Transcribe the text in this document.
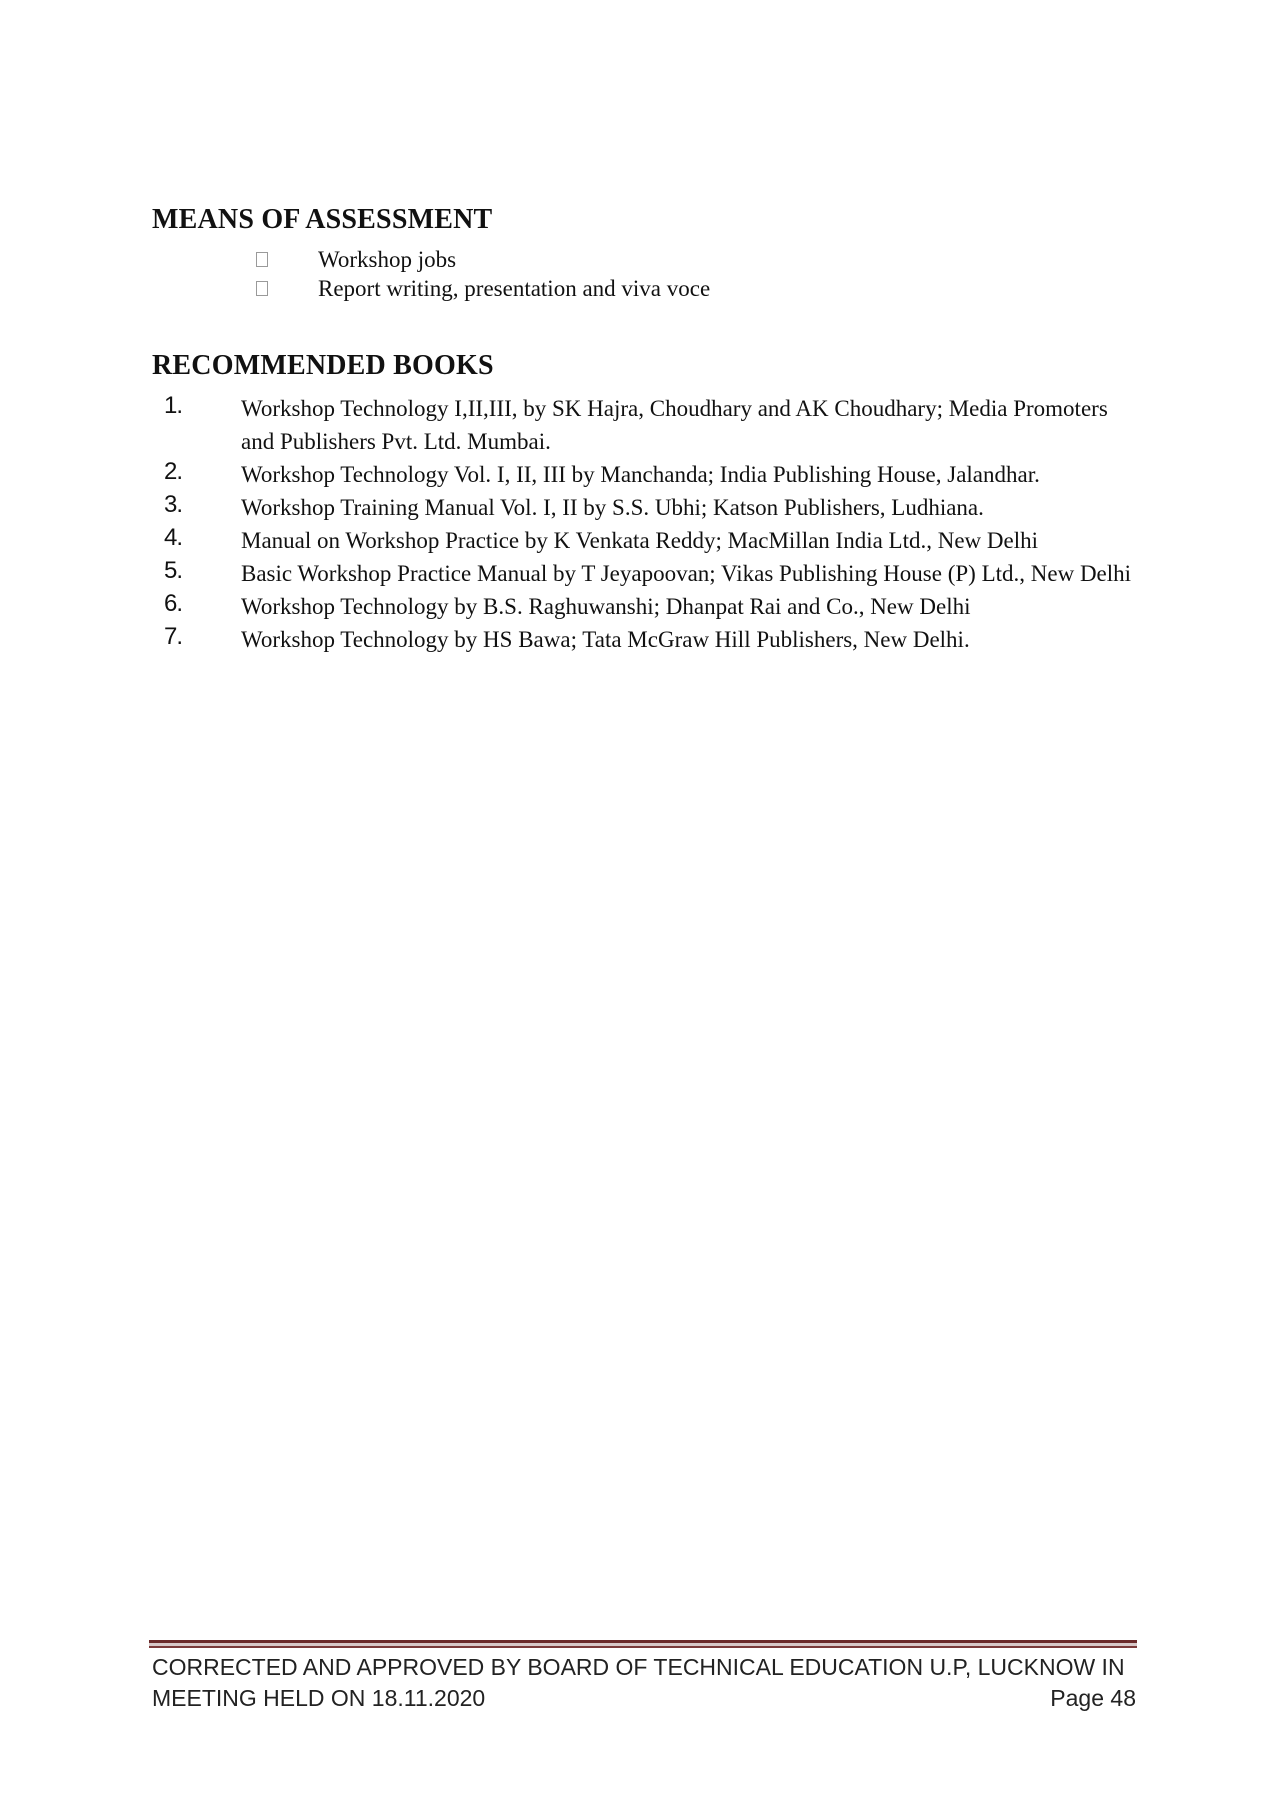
MEANS OF ASSESSMENT
Workshop jobs
Report writing, presentation and viva voce
RECOMMENDED BOOKS
1.	Workshop Technology I,II,III, by SK Hajra, Choudhary and AK Choudhary; Media Promoters and Publishers Pvt. Ltd. Mumbai.
2.	Workshop Technology Vol. I, II, III by Manchanda; India Publishing House, Jalandhar.
3.	Workshop Training Manual Vol. I, II by S.S. Ubhi; Katson Publishers, Ludhiana.
4.	Manual on Workshop Practice by K Venkata Reddy; MacMillan India Ltd., New Delhi
5.	Basic Workshop Practice Manual by T Jeyapoovan; Vikas Publishing House (P) Ltd., New Delhi
6.	Workshop Technology by B.S. Raghuwanshi; Dhanpat Rai and Co., New Delhi
7.	Workshop Technology by HS Bawa; Tata McGraw Hill Publishers, New Delhi.
CORRECTED AND APPROVED BY BOARD OF TECHNICAL EDUCATION U.P, LUCKNOW IN
MEETING HELD ON 18.11.2020	Page 48
